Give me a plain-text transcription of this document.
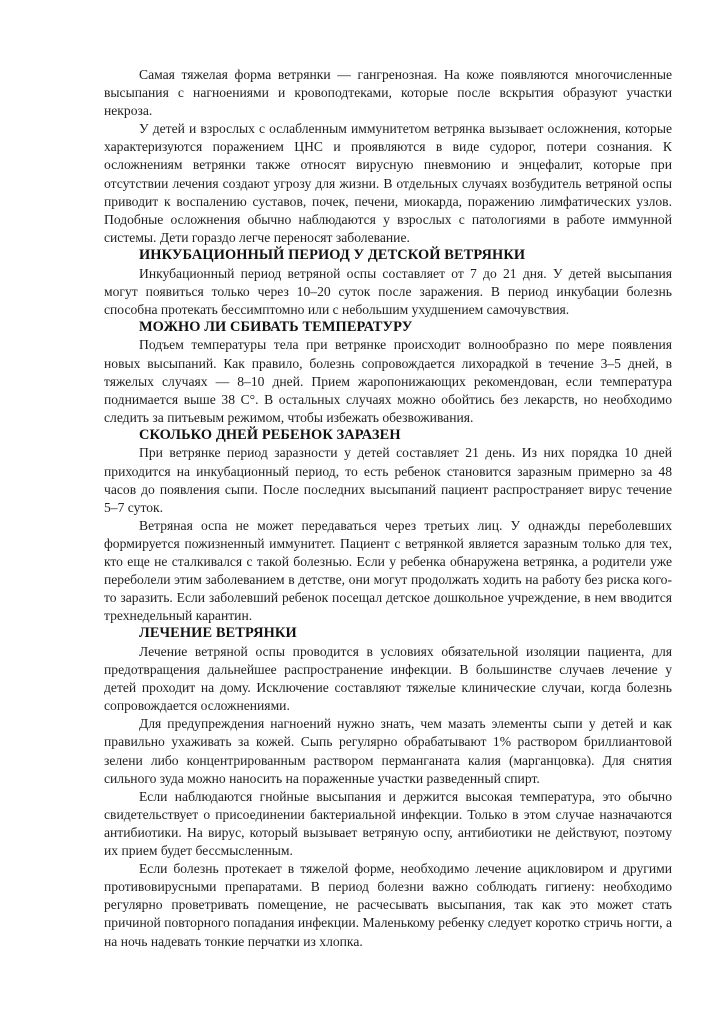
Самая тяжелая форма ветрянки — гангренозная. На коже появляются многочисленные высыпания с нагноениями и кровоподтеками, которые после вскрытия образуют участки некроза.

У детей и взрослых с ослабленным иммунитетом ветрянка вызывает осложнения, которые характеризуются поражением ЦНС и проявляются в виде судорог, потери сознания. К осложнениям ветрянки также относят вирусную пневмонию и энцефалит, которые при отсутствии лечения создают угрозу для жизни. В отдельных случаях возбудитель ветряной оспы приводит к воспалению суставов, почек, печени, миокарда, поражению лимфатических узлов. Подобные осложнения обычно наблюдаются у взрослых с патологиями в работе иммунной системы. Дети гораздо легче переносят заболевание.

ИНКУБАЦИОННЫЙ ПЕРИОД У ДЕТСКОЙ ВЕТРЯНКИ

Инкубационный период ветряной оспы составляет от 7 до 21 дня. У детей высыпания могут появиться только через 10–20 суток после заражения. В период инкубации болезнь способна протекать бессимптомно или с небольшим ухудшением самочувствия.

МОЖНО ЛИ СБИВАТЬ ТЕМПЕРАТУРУ

Подъем температуры тела при ветрянке происходит волнообразно по мере появления новых высыпаний. Как правило, болезнь сопровождается лихорадкой в течение 3–5 дней, в тяжелых случаях — 8–10 дней. Прием жаропонижающих рекомендован, если температура поднимается выше 38 С°. В остальных случаях можно обойтись без лекарств, но необходимо следить за питьевым режимом, чтобы избежать обезвоживания.

СКОЛЬКО ДНЕЙ РЕБЕНОК ЗАРАЗЕН

При ветрянке период заразности у детей составляет 21 день. Из них порядка 10 дней приходится на инкубационный период, то есть ребенок становится заразным примерно за 48 часов до появления сыпи. После последних высыпаний пациент распространяет вирус течение 5–7 суток.

Ветряная оспа не может передаваться через третьих лиц. У однажды переболевших формируется пожизненный иммунитет. Пациент с ветрянкой является заразным только для тех, кто еще не сталкивался с такой болезнью. Если у ребенка обнаружена ветрянка, а родители уже переболели этим заболеванием в детстве, они могут продолжать ходить на работу без риска кого-то заразить. Если заболевший ребенок посещал детское дошкольное учреждение, в нем вводится трехнедельный карантин.

ЛЕЧЕНИЕ ВЕТРЯНКИ

Лечение ветряной оспы проводится в условиях обязательной изоляции пациента, для предотвращения дальнейшее распространение инфекции. В большинстве случаев лечение у детей проходит на дому. Исключение составляют тяжелые клинические случаи, когда болезнь сопровождается осложнениями.

Для предупреждения нагноений нужно знать, чем мазать элементы сыпи у детей и как правильно ухаживать за кожей. Сыпь регулярно обрабатывают 1% раствором бриллиантовой зелени либо концентрированным раствором перманганата калия (марганцовка). Для снятия сильного зуда можно наносить на пораженные участки разведенный спирт.

Если наблюдаются гнойные высыпания и держится высокая температура, это обычно свидетельствует о присоединении бактериальной инфекции. Только в этом случае назначаются антибиотики. На вирус, который вызывает ветряную оспу, антибиотики не действуют, поэтому их прием будет бессмысленным.

Если болезнь протекает в тяжелой форме, необходимо лечение ацикловиром и другими противовирусными препаратами. В период болезни важно соблюдать гигиену: необходимо регулярно проветривать помещение, не расчесывать высыпания, так как это может стать причиной повторного попадания инфекции. Маленькому ребенку следует коротко стричь ногти, а на ночь надевать тонкие перчатки из хлопка.
